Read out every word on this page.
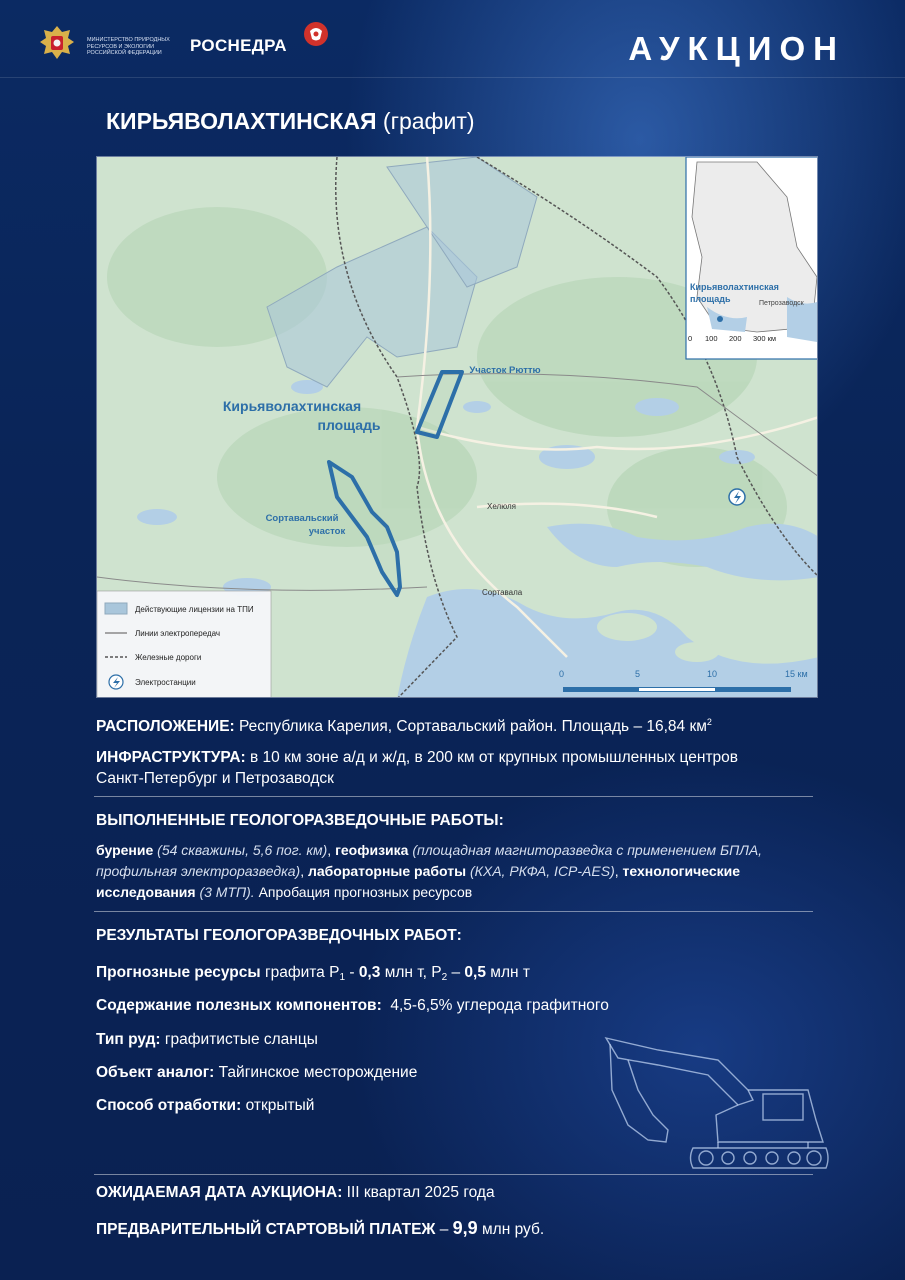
МИНИСТЕРСТВО ПРИРОДНЫХ
РЕСУРСОВ И ЭКОЛОГИИ
РОССИЙСКОЙ ФЕДЕРАЦИИ	РОСНЕДРА	АУКЦИОН
КИРЬЯВОЛАХТИНСКАЯ (графит)
Кирьяволахтинская
площадь
Участок Рюттю
Сортавальский
участок
Хелюля
Сортавала
Кирьяволахтинская
площадь	Петрозаводск
0 100 200 300 км
Действующие лицензии на ТПИ
Линии электропередач
Железные дороги
Электростанции
0	5	10	15 км
РАСПОЛОЖЕНИЕ: Республика Карелия, Сортавальский район. Площадь – 16,84 $км^2$
ИНФРАСТРУКТУРА: в 10 км зоне а/д и ж/д, в 200 км от крупных промышленных центров
Санкт-Петербург и Петрозаводск
ВЫПОЛНЕННЫЕ ГЕОЛОГОРАЗВЕДОЧНЫЕ РАБОТЫ:
бурение (54 скважины, 5,6 пог. км), геофизика (площадная магниторазведка с применением БПЛА,
профильная электроразведка), лабораторные работы (КХА, РКФА, ICP-AES), технологические
исследования (3 МТП). Апробация прогнозных ресурсов
РЕЗУЛЬТАТЫ ГЕОЛОГОРАЗВЕДОЧНЫХ РАБОТ:
Прогнозные ресурсы графита $P_1 - 0,3$ млн т, $P_2 - 0,5$ млн т
Содержание полезных компонентов: 4,5-6,5% углерода графитного
Тип руд: графитистые сланцы
Объект аналог: Тайгинское месторождение
Способ отработки: открытый
ОЖИДАЕМАЯ ДАТА АУКЦИОНА: III квартал 2025 года
ПРЕДВАРИТЕЛЬНЫЙ СТАРТОВЫЙ ПЛАТЕЖ – 9,9 млн руб.
